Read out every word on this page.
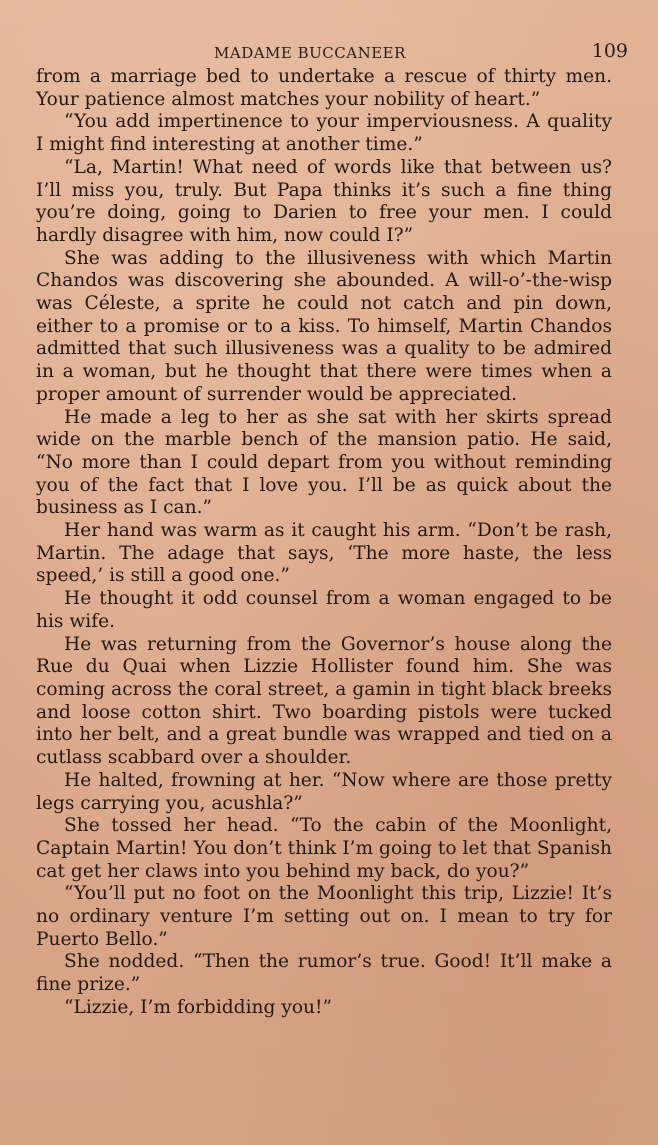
MADAME BUCCANEER	109

from a marriage bed to undertake a rescue of thirty men. Your patience almost matches your nobility of heart.”

“You add impertinence to your imperviousness. A quality I might find interesting at another time.”

“La, Martin! What need of words like that between us? I’ll miss you, truly. But Papa thinks it’s such a fine thing you’re doing, going to Darien to free your men. I could hardly disagree with him, now could I?”

She was adding to the illusiveness with which Martin Chandos was discovering she abounded. A will-o’-the-wisp was Céleste, a sprite he could not catch and pin down, either to a promise or to a kiss. To himself, Martin Chandos admitted that such illusiveness was a quality to be admired in a woman, but he thought that there were times when a proper amount of surrender would be appreciated.

He made a leg to her as she sat with her skirts spread wide on the marble bench of the mansion patio. He said, “No more than I could depart from you without reminding you of the fact that I love you. I’ll be as quick about the business as I can.”

Her hand was warm as it caught his arm. “Don’t be rash, Martin. The adage that says, ‘The more haste, the less speed,’ is still a good one.”

He thought it odd counsel from a woman engaged to be his wife.

He was returning from the Governor’s house along the Rue du Quai when Lizzie Hollister found him. She was coming across the coral street, a gamin in tight black breeks and loose cotton shirt. Two boarding pistols were tucked into her belt, and a great bundle was wrapped and tied on a cutlass scabbard over a shoulder.

He halted, frowning at her. “Now where are those pretty legs carrying you, acushla?”

She tossed her head. “To the cabin of the Moonlight, Captain Martin! You don’t think I’m going to let that Spanish cat get her claws into you behind my back, do you?”

“You’ll put no foot on the Moonlight this trip, Lizzie! It’s no ordinary venture I’m setting out on. I mean to try for Puerto Bello.”

She nodded. “Then the rumor’s true. Good! It’ll make a fine prize.”

“Lizzie, I’m forbidding you!”
